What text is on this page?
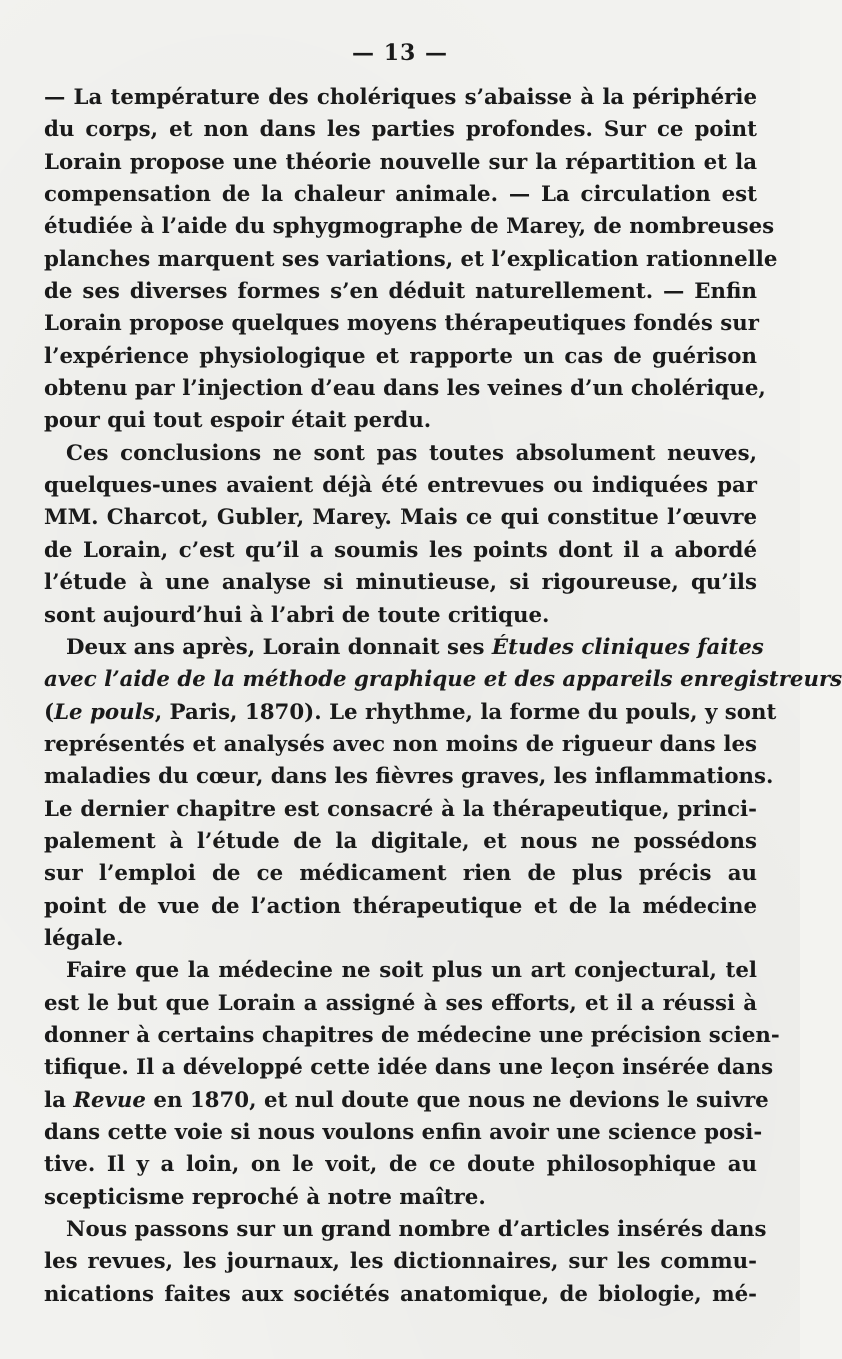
— 13 —
— La température des cholériques s’abaisse à la périphérie
du corps, et non dans les parties profondes. Sur ce point
Lorain propose une théorie nouvelle sur la répartition et la
compensation de la chaleur animale. — La circulation est
étudiée à l’aide du sphygmographe de Marey, de nombreuses
planches marquent ses variations, et l’explication rationnelle
de ses diverses formes s’en déduit naturellement. — Enfin
Lorain propose quelques moyens thérapeutiques fondés sur
l’expérience physiologique et rapporte un cas de guérison
obtenu par l’injection d’eau dans les veines d’un cholérique,
pour qui tout espoir était perdu.
Ces conclusions ne sont pas toutes absolument neuves,
quelques-unes avaient déjà été entrevues ou indiquées par
MM. Charcot, Gubler, Marey. Mais ce qui constitue l’œuvre
de Lorain, c’est qu’il a soumis les points dont il a abordé
l’étude à une analyse si minutieuse, si rigoureuse, qu’ils
sont aujourd’hui à l’abri de toute critique.
Deux ans après, Lorain donnait ses Études cliniques faites
avec l’aide de la méthode graphique et des appareils enregistreurs
(Le pouls, Paris, 1870). Le rhythme, la forme du pouls, y sont
représentés et analysés avec non moins de rigueur dans les
maladies du cœur, dans les fièvres graves, les inflammations.
Le dernier chapitre est consacré à la thérapeutique, princi-
palement à l’étude de la digitale, et nous ne possédons
sur l’emploi de ce médicament rien de plus précis au
point de vue de l’action thérapeutique et de la médecine
légale.
Faire que la médecine ne soit plus un art conjectural, tel
est le but que Lorain a assigné à ses efforts, et il a réussi à
donner à certains chapitres de médecine une précision scien-
tifique. Il a développé cette idée dans une leçon insérée dans
la Revue en 1870, et nul doute que nous ne devions le suivre
dans cette voie si nous voulons enfin avoir une science posi-
tive. Il y a loin, on le voit, de ce doute philosophique au
scepticisme reproché à notre maître.
Nous passons sur un grand nombre d’articles insérés dans
les revues, les journaux, les dictionnaires, sur les commu-
nications faites aux sociétés anatomique, de biologie, mé-
